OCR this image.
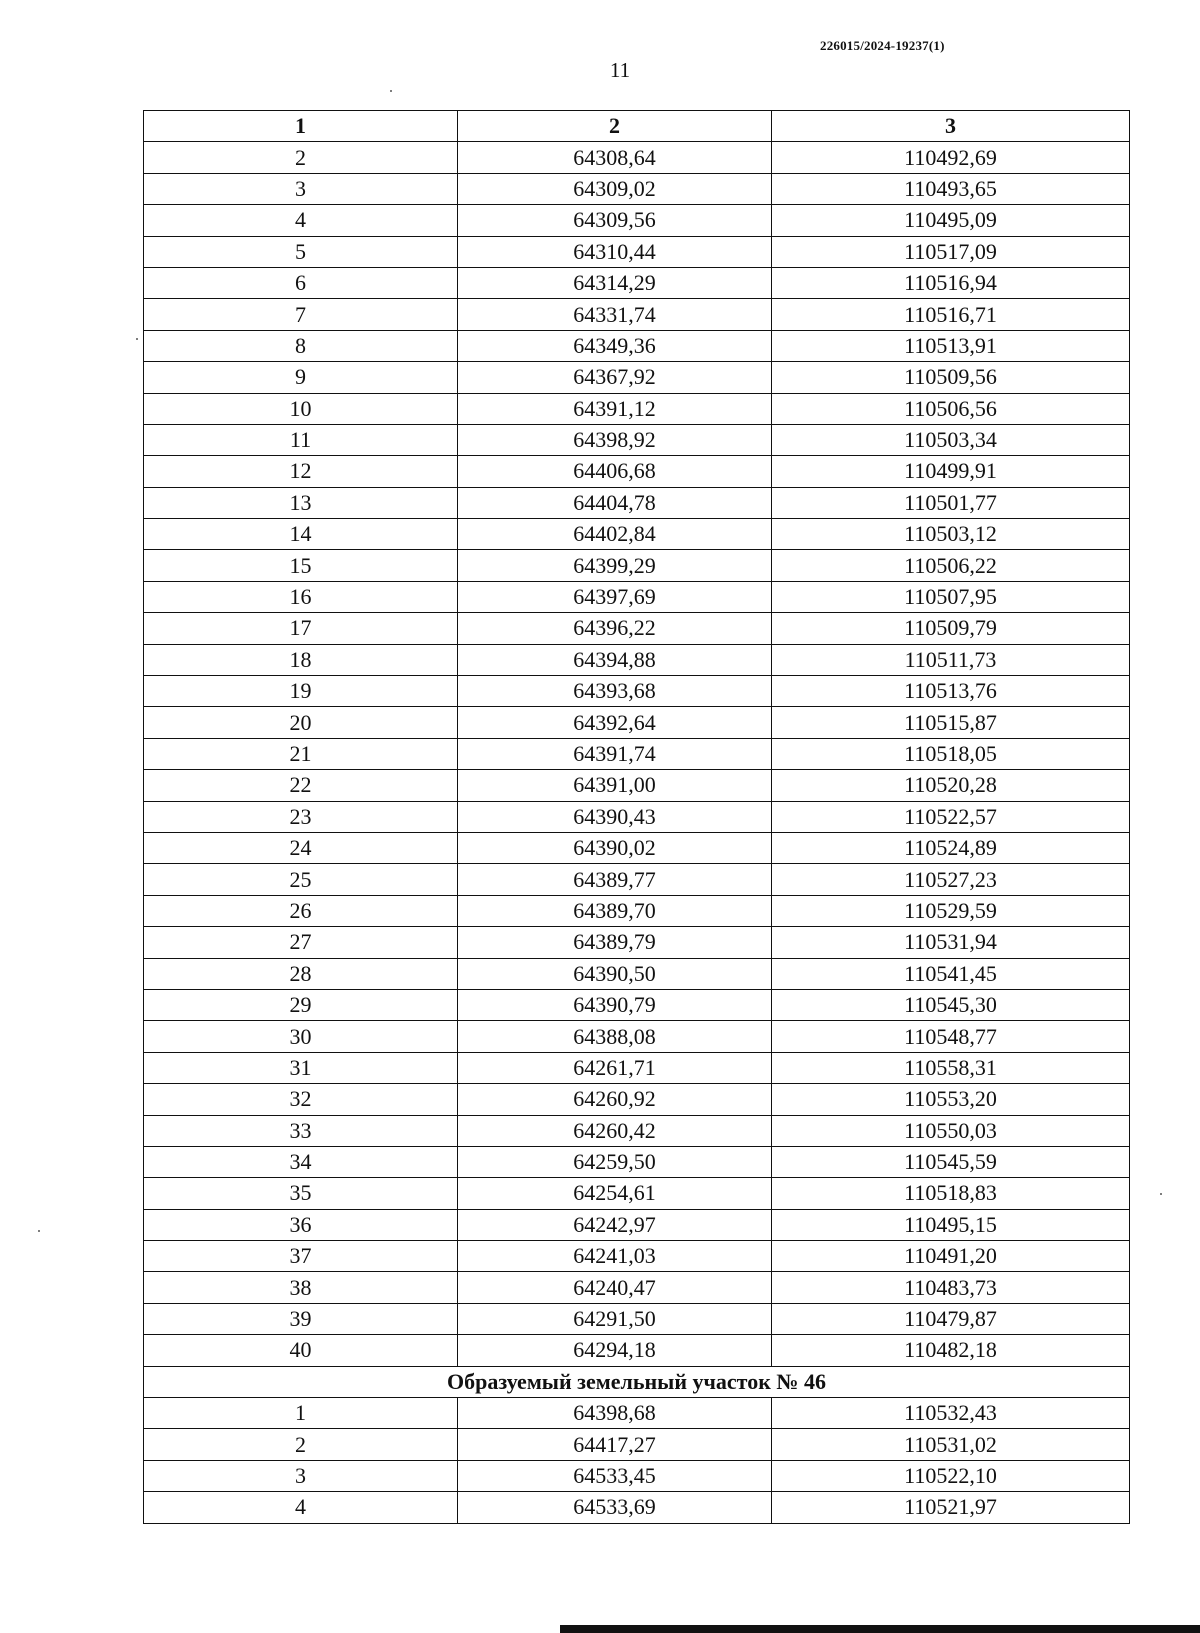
226015/2024-19237(1)
11
1	2	3
2	64308,64	110492,69
3	64309,02	110493,65
4	64309,56	110495,09
5	64310,44	110517,09
6	64314,29	110516,94
7	64331,74	110516,71
8	64349,36	110513,91
9	64367,92	110509,56
10	64391,12	110506,56
11	64398,92	110503,34
12	64406,68	110499,91
13	64404,78	110501,77
14	64402,84	110503,12
15	64399,29	110506,22
16	64397,69	110507,95
17	64396,22	110509,79
18	64394,88	110511,73
19	64393,68	110513,76
20	64392,64	110515,87
21	64391,74	110518,05
22	64391,00	110520,28
23	64390,43	110522,57
24	64390,02	110524,89
25	64389,77	110527,23
26	64389,70	110529,59
27	64389,79	110531,94
28	64390,50	110541,45
29	64390,79	110545,30
30	64388,08	110548,77
31	64261,71	110558,31
32	64260,92	110553,20
33	64260,42	110550,03
34	64259,50	110545,59
35	64254,61	110518,83
36	64242,97	110495,15
37	64241,03	110491,20
38	64240,47	110483,73
39	64291,50	110479,87
40	64294,18	110482,18
Образуемый земельный участок № 46		
1	64398,68	110532,43
2	64417,27	110531,02
3	64533,45	110522,10
4	64533,69	110521,97
